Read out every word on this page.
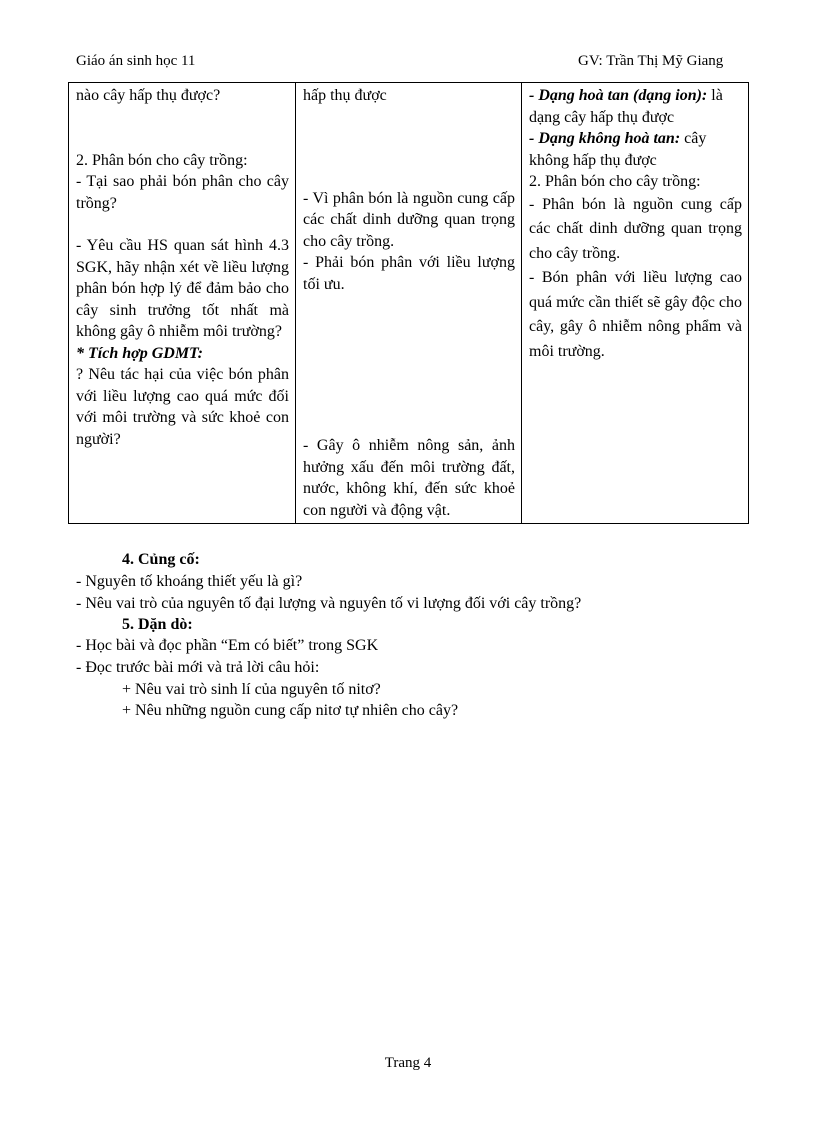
Giáo án sinh học 11	GV: Trần Thị Mỹ Giang
nào cây hấp thụ được?
2. Phân bón cho cây trồng:
- Tại sao phải bón phân cho cây trồng?
- Yêu cầu HS quan sát hình 4.3 SGK, hãy nhận xét về liều lượng phân bón hợp lý để đảm bảo cho cây sinh trưởng tốt nhất mà không gây ô nhiễm môi trường?
* Tích hợp GDMT:
? Nêu tác hại của việc bón phân với liều lượng cao quá mức đối với môi trường và sức khoẻ con người?

hấp thụ được
- Vì phân bón là nguồn cung cấp các chất dinh dưỡng quan trọng cho cây trồng.
- Phải bón phân với liều lượng tối ưu.
- Gây ô nhiễm nông sản, ảnh hưởng xấu đến môi trường đất, nước, không khí, đến sức khoẻ con người và động vật.

- Dạng hoà tan (dạng ion): là dạng cây hấp thụ được
- Dạng không hoà tan: cây không hấp thụ được
2. Phân bón cho cây trồng:
- Phân bón là nguồn cung cấp các chất dinh dưỡng quan trọng cho cây trồng.
- Bón phân với liều lượng cao quá mức cần thiết sẽ gây độc cho cây, gây ô nhiễm nông phẩm và môi trường.
4. Củng cố:
- Nguyên tố khoáng thiết yếu là gì?
- Nêu vai trò của nguyên tố đại lượng và nguyên tố vi lượng đối với cây trồng?
5. Dặn dò:
- Học bài và đọc phần “Em có biết” trong SGK
- Đọc trước bài mới và trả lời câu hỏi:
+ Nêu vai trò sinh lí của nguyên tố nitơ?
+ Nêu những nguồn cung cấp nitơ tự nhiên cho cây?
Trang 4
